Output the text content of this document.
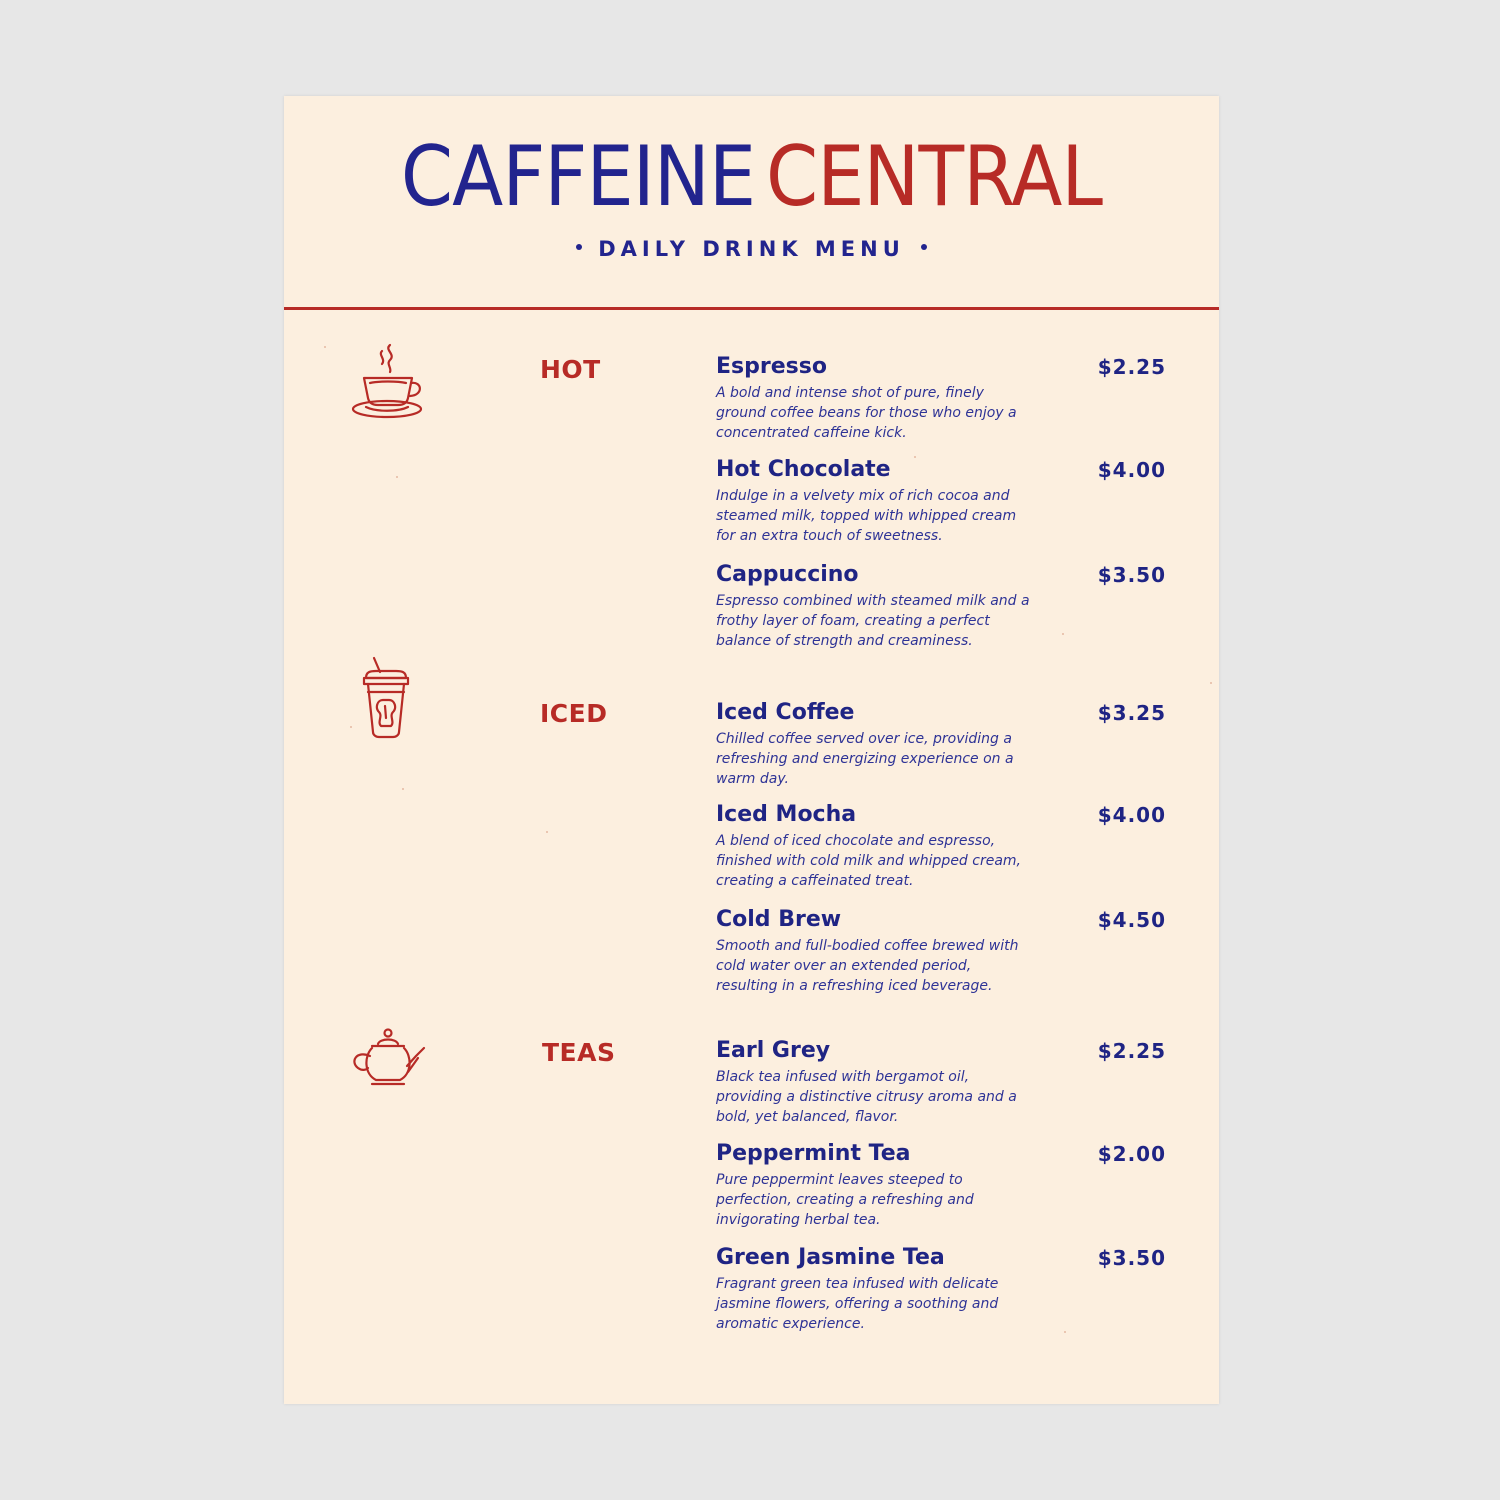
CAFFEINE CENTRAL
DAILY DRINK MENU
HOT	Espresso	$2.25
A bold and intense shot of pure, finely ground coffee beans for those who enjoy a concentrated caffeine kick.
Hot Chocolate	$4.00
Indulge in a velvety mix of rich cocoa and steamed milk, topped with whipped cream for an extra touch of sweetness.
Cappuccino	$3.50
Espresso combined with steamed milk and a frothy layer of foam, creating a perfect balance of strength and creaminess.
ICED	Iced Coffee	$3.25
Chilled coffee served over ice, providing a refreshing and energizing experience on a warm day.
Iced Mocha	$4.00
A blend of iced chocolate and espresso, finished with cold milk and whipped cream, creating a caffeinated treat.
Cold Brew	$4.50
Smooth and full-bodied coffee brewed with cold water over an extended period, resulting in a refreshing iced beverage.
TEAS	Earl Grey	$2.25
Black tea infused with bergamot oil, providing a distinctive citrusy aroma and a bold, yet balanced, flavor.
Peppermint Tea	$2.00
Pure peppermint leaves steeped to perfection, creating a refreshing and invigorating herbal tea.
Green Jasmine Tea	$3.50
Fragrant green tea infused with delicate jasmine flowers, offering a soothing and aromatic experience.
